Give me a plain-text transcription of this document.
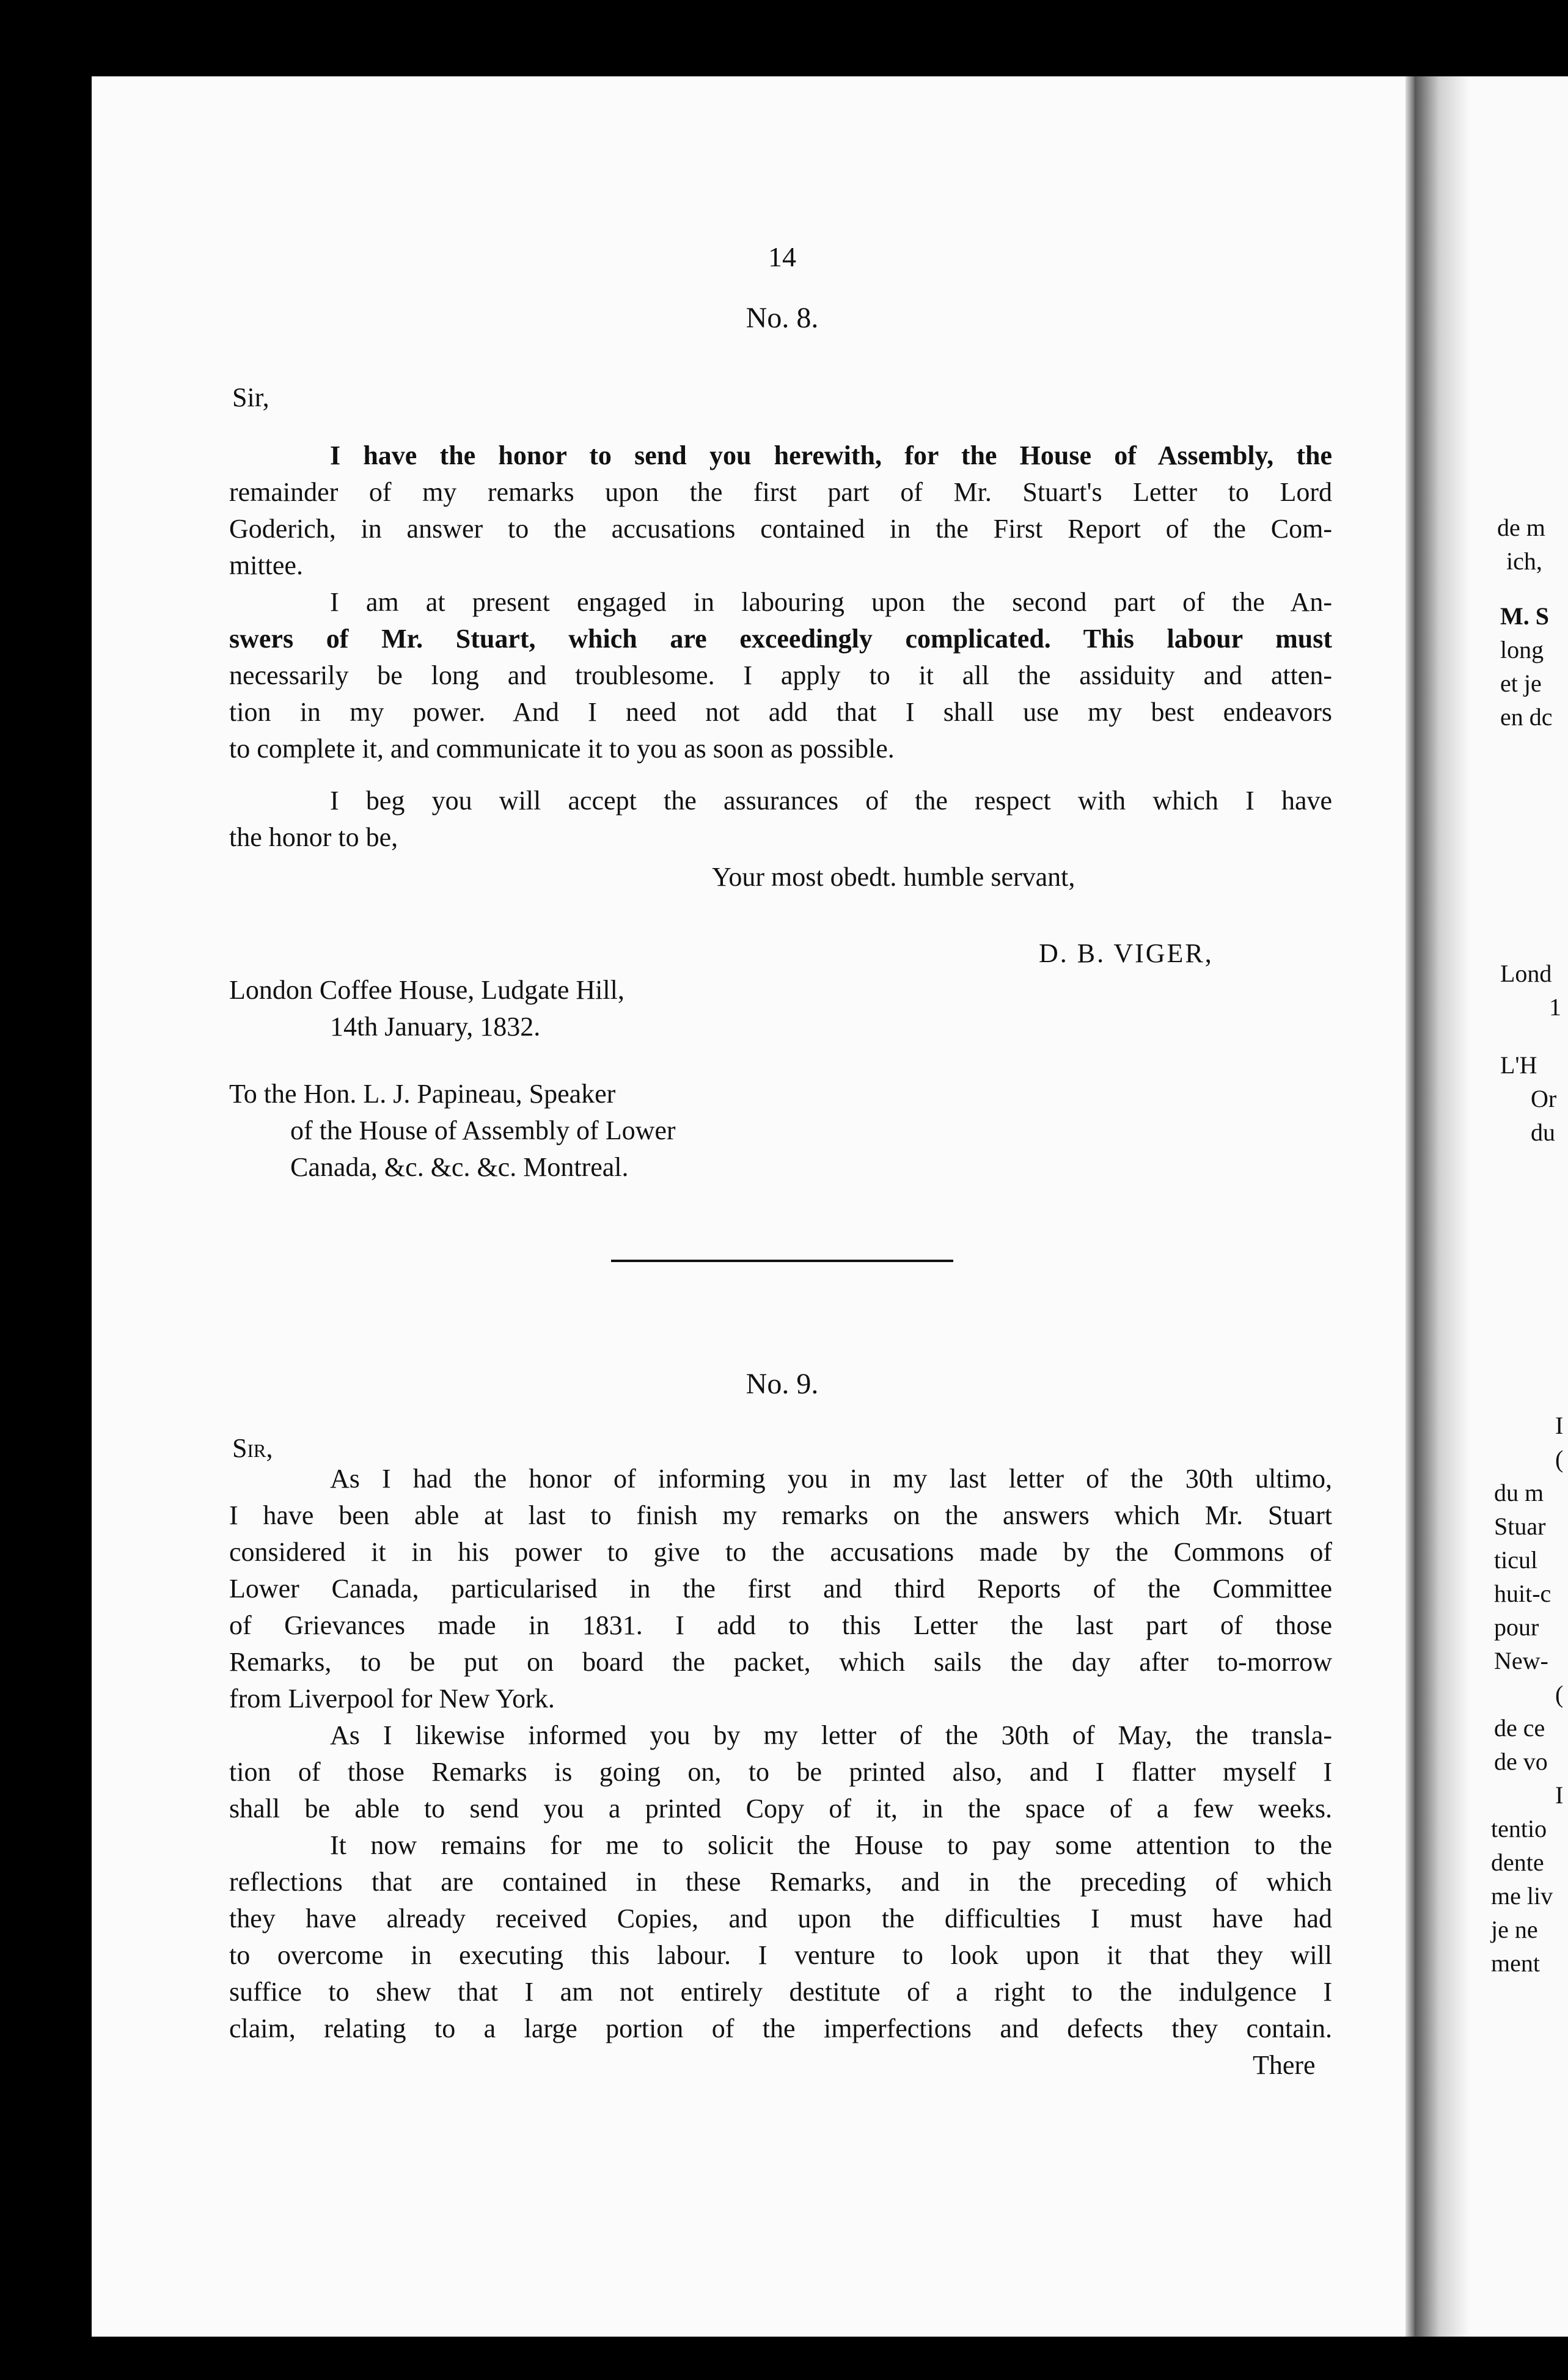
14
No. 8.
Sir,
I have the honor to send you herewith, for the House of Assembly, the
remainder of my remarks upon the first part of Mr. Stuart's Letter to Lord
Goderich, in answer to the accusations contained in the First Report of the Com-
mittee.
I am at present engaged in labouring upon the second part of the An-
swers of Mr. Stuart, which are exceedingly complicated. This labour must
necessarily be long and troublesome. I apply to it all the assiduity and atten-
tion in my power. And I need not add that I shall use my best endeavors
to complete it, and communicate it to you as soon as possible.
I beg you will accept the assurances of the respect with which I have
the honor to be,
Your most obedt. humble servant,
D. B. VIGER,
London Coffee House, Ludgate Hill,
14th January, 1832.
To the Hon. L. J. Papineau, Speaker
of the House of Assembly of Lower
Canada, &c. &c. &c. Montreal.
No. 9.
Sir,
As I had the honor of informing you in my last letter of the 30th ultimo,
I have been able at last to finish my remarks on the answers which Mr. Stuart
considered it in his power to give to the accusations made by the Commons of
Lower Canada, particularised in the first and third Reports of the Committee
of Grievances made in 1831. I add to this Letter the last part of those
Remarks, to be put on board the packet, which sails the day after to-morrow
from Liverpool for New York.
As I likewise informed you by my letter of the 30th of May, the transla-
tion of those Remarks is going on, to be printed also, and I flatter myself I
shall be able to send you a printed Copy of it, in the space of a few weeks.
It now remains for me to solicit the House to pay some attention to the
reflections that are contained in these Remarks, and in the preceding of which
they have already received Copies, and upon the difficulties I must have had
to overcome in executing this labour. I venture to look upon it that they will
suffice to shew that I am not entirely destitute of a right to the indulgence I
claim, relating to a large portion of the imperfections and defects they contain.
There
de m
ich,
M. S
long
et je
en dc
Lond
1
L'H
Or
du
I
(
du m
Stuar
ticul
huit-c
pour
New-
(
de ce
de vo
I
tentio
dente
me liv
je ne
ment
